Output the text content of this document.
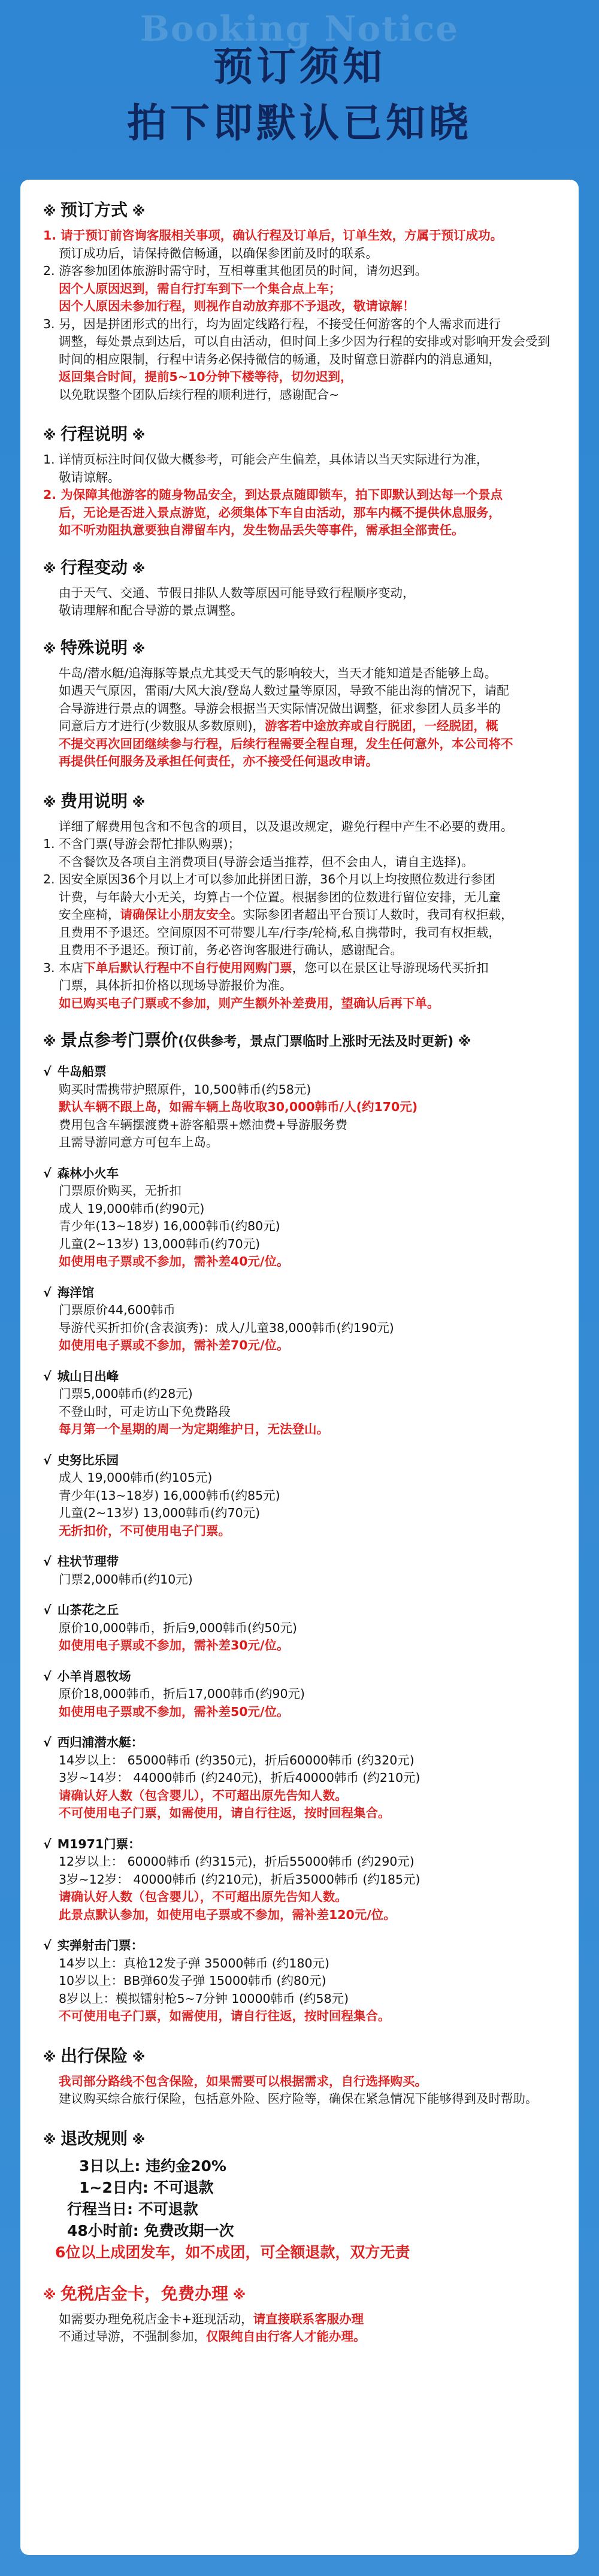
Booking Notice
预订须知
拍下即默认已知晓
※ 预订方式 ※

1. 请于预订前咨询客服相关事项，确认行程及订单后，订单生效，方属于预订成功。

预订成功后，请保持微信畅通，以确保参团前及时的联系。

2. 游客参加团体旅游时需守时，互相尊重其他团员的时间，请勿迟到。

因个人原因迟到，需自行打车到下一个集合点上车；

因个人原因未参加行程，则视作自动放弃那不予退改，敬请谅解！

3. 另，因是拼团形式的出行，均为固定线路行程，不接受任何游客的个人需求而进行

调整，每处景点到达后，可以自由活动，但时间上多少因为行程的安排或对影响开发会受到

时间的相应限制，行程中请务必保持微信的畅通，及时留意日游群内的消息通知，

返回集合时间，提前5~10分钟下楼等待，切勿迟到，

以免耽误整个团队后续行程的顺利进行，感谢配合~

※ 行程说明 ※

1. 详情页标注时间仅做大概参考，可能会产生偏差，具体请以当天实际进行为准，

敬请谅解。

2. 为保障其他游客的随身物品安全，到达景点随即锁车，拍下即默认到达每一个景点

后，无论是否进入景点游览，必须集体下车自由活动，那车内概不提供休息服务，

如不听劝阻执意要独自滞留车内，发生物品丢失等事件，需承担全部责任。

※ 行程变动 ※

由于天气、交通、节假日排队人数等原因可能导致行程顺序变动，

敬请理解和配合导游的景点调整。

※ 特殊说明 ※

牛岛/潜水艇/追海豚等景点尤其受天气的影响较大，当天才能知道是否能够上岛。

如遇天气原因，雷雨/大风大浪/登岛人数过量等原因，导致不能出海的情况下，请配

合导游进行景点的调整。导游会根据当天实际情况做出调整，征求参团人员多半的

同意后方才进行(少数服从多数原则)，游客若中途放弃或自行脱团，一经脱团，概

不提交再次回团继续参与行程，后续行程需要全程自理，发生任何意外，本公司将不

再提供任何服务及承担任何责任，亦不接受任何退改申请。

※ 费用说明 ※

详细了解费用包含和不包含的项目，以及退改规定，避免行程中产生不必要的费用。

1. 不含门票(导游会帮忙排队购票)；

不含餐饮及各项自主消费项目(导游会适当推荐，但不会由人，请自主选择)。

2. 因安全原因36个月以上才可以参加此拼团日游，36个月以上均按照位数进行参团

计费，与年龄大小无关，均算占一个位置。根据参团的位数进行留位安排，无儿童

安全座椅，请确保让小朋友安全。实际参团者超出平台预订人数时，我司有权拒载，

且费用不予退还。空间原因不可带婴儿车/行李/轮椅,私自携带时，我司有权拒载，

且费用不予退还。预订前，务必咨询客服进行确认，感谢配合。

3. 本店下单后默认行程中不自行使用网购门票，您可以在景区让导游现场代买折扣

门票，具体折扣价格以现场导游报价为准。

如已购买电子门票或不参加，则产生额外补差费用，望确认后再下单。

※ 景点参考门票价(仅供参考，景点门票临时上涨时无法及时更新) ※

√ 牛岛船票

购买时需携带护照原件，10,500韩币(约58元)

默认车辆不跟上岛，如需车辆上岛收取30,000韩币/人(约170元)

费用包含车辆摆渡费+游客船票+燃油费+导游服务费

且需导游同意方可包车上岛。

√ 森林小火车

门票原价购买，无折扣

成人 19,000韩币(约90元)

青少年(13~18岁) 16,000韩币(约80元)

儿童(2~13岁) 13,000韩币(约70元)

如使用电子票或不参加，需补差40元/位。

√ 海洋馆

门票原价44,600韩币

导游代买折扣价(含表演秀)：成人/儿童38,000韩币(约190元)

如使用电子票或不参加，需补差70元/位。

√ 城山日出峰

门票5,000韩币(约28元)

不登山时，可走访山下免费路段

每月第一个星期的周一为定期维护日，无法登山。

√ 史努比乐园

成人 19,000韩币(约105元)

青少年(13~18岁) 16,000韩币(约85元)

儿童(2~13岁) 13,000韩币(约70元)

无折扣价，不可使用电子门票。

√ 柱状节理带

门票2,000韩币(约10元)

√ 山茶花之丘

原价10,000韩币，折后9,000韩币(约50元)

如使用电子票或不参加，需补差30元/位。

√ 小羊肖恩牧场

原价18,000韩币，折后17,000韩币(约90元)

如使用电子票或不参加，需补差50元/位。

√ 西归浦潜水艇：

14岁以上： 65000韩币 (约350元)，折后60000韩币 (约320元)

3岁~14岁： 44000韩币 (约240元)，折后40000韩币 (约210元)

请确认好人数（包含婴儿），不可超出原先告知人数。

不可使用电子门票，如需使用，请自行往返，按时回程集合。

√ M1971门票：

12岁以上： 60000韩币 (约315元)，折后55000韩币 (约290元)

3岁~12岁： 40000韩币 (约210元)，折后35000韩币 (约185元)

请确认好人数（包含婴儿），不可超出原先告知人数。

此景点默认参加，如使用电子票或不参加，需补差120元/位。

√ 实弹射击门票：

14岁以上：真枪12发子弹 35000韩币 (约180元)

10岁以上：BB弹60发子弹 15000韩币 (约80元)

8岁以上：模拟镭射枪5~7分钟 10000韩币 (约58元)

不可使用电子门票，如需使用，请自行往返，按时回程集合。

※ 出行保险 ※

我司部分路线不包含保险，如果需要可以根据需求，自行选择购买。

建议购买综合旅行保险，包括意外险、医疗险等，确保在紧急情况下能够得到及时帮助。

※ 退改规则 ※

3日以上: 违约金20%

1~2日内: 不可退款

行程当日: 不可退款

48小时前: 免费改期一次

6位以上成团发车，如不成团，可全额退款，双方无责

※ 免税店金卡，免费办理 ※

如需要办理免税店金卡+逛现活动，请直接联系客服办理

不通过导游，不强制参加，仅限纯自由行客人才能办理。
